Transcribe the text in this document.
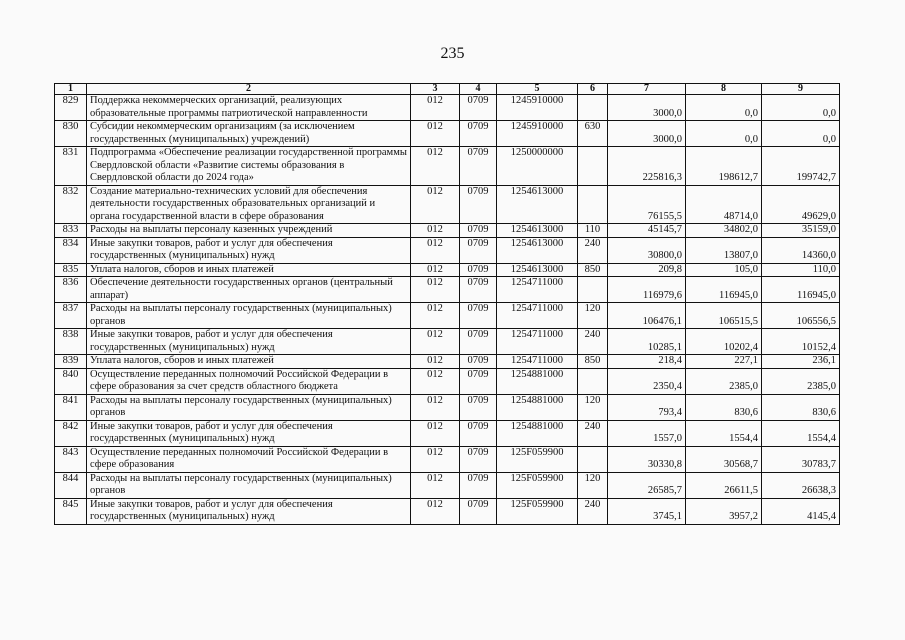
235
1	2	3	4	5	6	7	8	9
829	Поддержка некоммерческих организаций, реализующих образовательные программы патриотической направленности	012	0709	1245910000		3000,0	0,0	0,0
830	Субсидии некоммерческим организациям (за исключением государственных (муниципальных) учреждений)	012	0709	1245910000	630	3000,0	0,0	0,0
831	Подпрограмма «Обеспечение реализации государственной программы Свердловской области «Развитие системы образования в Свердловской области до 2024 года»	012	0709	1250000000		225816,3	198612,7	199742,7
832	Создание материально-технических условий для обеспечения деятельности государственных образовательных организаций и органа государственной власти в сфере образования	012	0709	1254613000		76155,5	48714,0	49629,0
833	Расходы на выплаты персоналу казенных учреждений	012	0709	1254613000	110	45145,7	34802,0	35159,0
834	Иные закупки товаров, работ и услуг для обеспечения государственных (муниципальных) нужд	012	0709	1254613000	240	30800,0	13807,0	14360,0
835	Уплата налогов, сборов и иных платежей	012	0709	1254613000	850	209,8	105,0	110,0
836	Обеспечение деятельности государственных органов (центральный аппарат)	012	0709	1254711000		116979,6	116945,0	116945,0
837	Расходы на выплаты персоналу государственных (муниципальных) органов	012	0709	1254711000	120	106476,1	106515,5	106556,5
838	Иные закупки товаров, работ и услуг для обеспечения государственных (муниципальных) нужд	012	0709	1254711000	240	10285,1	10202,4	10152,4
839	Уплата налогов, сборов и иных платежей	012	0709	1254711000	850	218,4	227,1	236,1
840	Осуществление переданных полномочий Российской Федерации в сфере образования за счет средств областного бюджета	012	0709	1254881000		2350,4	2385,0	2385,0
841	Расходы на выплаты персоналу государственных (муниципальных) органов	012	0709	1254881000	120	793,4	830,6	830,6
842	Иные закупки товаров, работ и услуг для обеспечения государственных (муниципальных) нужд	012	0709	1254881000	240	1557,0	1554,4	1554,4
843	Осуществление переданных полномочий Российской Федерации в сфере образования	012	0709	125F059900		30330,8	30568,7	30783,7
844	Расходы на выплаты персоналу государственных (муниципальных) органов	012	0709	125F059900	120	26585,7	26611,5	26638,3
845	Иные закупки товаров, работ и услуг для обеспечения государственных (муниципальных) нужд	012	0709	125F059900	240	3745,1	3957,2	4145,4
